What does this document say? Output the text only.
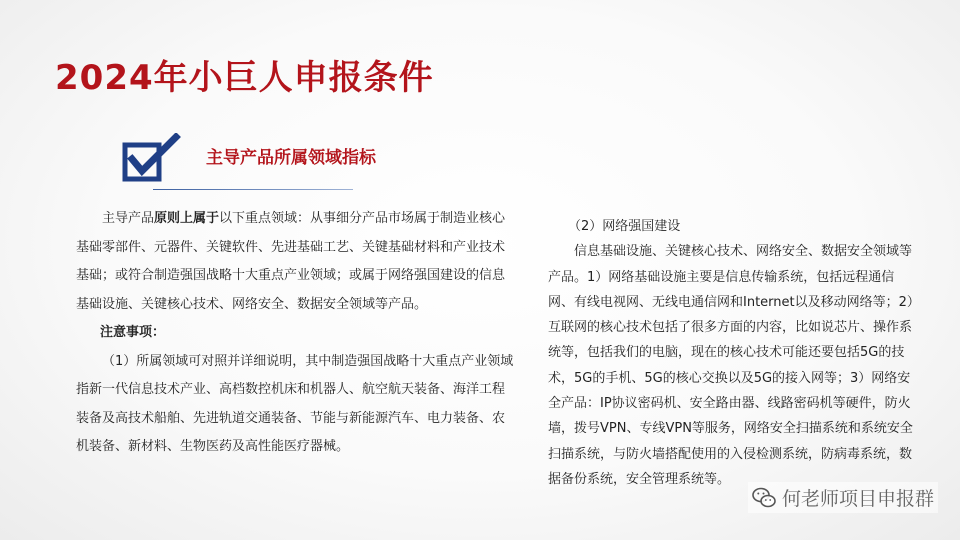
2024年小巨人申报条件
主导产品所属领域指标

主导产品原则上属于以下重点领域：从事细分产品市场属于制造业核心基础零部件、元器件、关键软件、先进基础工艺、关键基础材料和产业技术基础；或符合制造强国战略十大重点产业领域；或属于网络强国建设的信息基础设施、关键核心技术、网络安全、数据安全领域等产品。

注意事项：

（1）所属领域可对照并详细说明，其中制造强国战略十大重点产业领域指新一代信息技术产业、高档数控机床和机器人、航空航天装备、海洋工程装备及高技术船舶、先进轨道交通装备、节能与新能源汽车、电力装备、农机装备、新材料、生物医药及高性能医疗器械。

（2）网络强国建设

信息基础设施、关键核心技术、网络安全、数据安全领域等产品。1）网络基础设施主要是信息传输系统，包括远程通信网、有线电视网、无线电通信网和Internet以及移动网络等；2）互联网的核心技术包括了很多方面的内容，比如说芯片、操作系统等，包括我们的电脑，现在的核心技术可能还要包括5G的技术，5G的手机、5G的核心交换以及5G的接入网等；3）网络安全产品：IP协议密码机、安全路由器、线路密码机等硬件，防火墙，拨号VPN、专线VPN等服务，网络安全扫描系统和系统安全扫描系统，与防火墙搭配使用的入侵检测系统，防病毒系统，数据备份系统，安全管理系统等。

何老师项目申报群
